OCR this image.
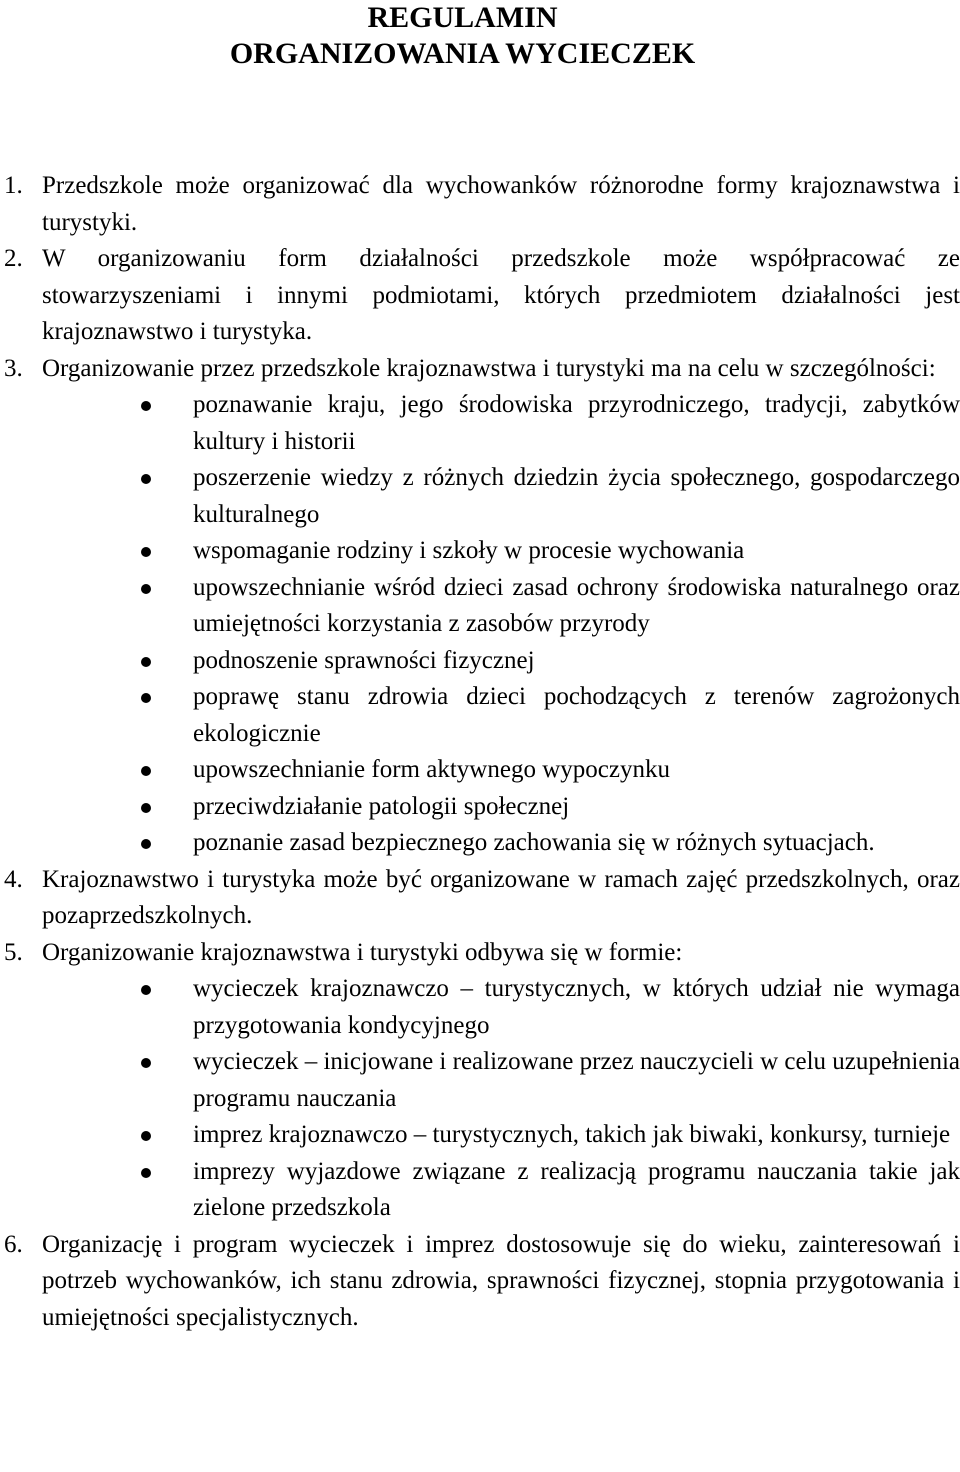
REGULAMIN
ORGANIZOWANIA WYCIECZEK
1. Przedszkole może organizować dla wychowanków różnorodne formy krajoznawstwa i turystyki.
2. W organizowaniu form działalności przedszkole może współpracować ze stowarzyszeniami i innymi podmiotami, których przedmiotem działalności jest krajoznawstwo i turystyka.
3. Organizowanie przez przedszkole krajoznawstwa i turystyki ma na celu w szczególności:
poznawanie kraju, jego środowiska przyrodniczego, tradycji, zabytków kultury i historii
poszerzenie wiedzy z różnych dziedzin życia społecznego, gospodarczego kulturalnego
wspomaganie rodziny i szkoły w procesie wychowania
upowszechnianie wśród dzieci zasad ochrony środowiska naturalnego oraz umiejętności korzystania z zasobów przyrody
podnoszenie sprawności fizycznej
poprawę stanu zdrowia dzieci pochodzących z terenów zagrożonych ekologicznie
upowszechnianie form aktywnego wypoczynku
przeciwdziałanie patologii społecznej
poznanie zasad bezpiecznego zachowania się w różnych sytuacjach.
4. Krajoznawstwo i turystyka może być organizowane w ramach zajęć przedszkolnych, oraz pozaprzedszkolnych.
5. Organizowanie krajoznawstwa i turystyki odbywa się w formie:
wycieczek krajoznawczo – turystycznych, w których udział nie wymaga przygotowania kondycyjnego
wycieczek – inicjowane i realizowane przez nauczycieli w celu uzupełnienia programu nauczania
imprez krajoznawczo – turystycznych, takich jak biwaki, konkursy, turnieje
imprezy wyjazdowe związane z realizacją programu nauczania takie jak zielone przedszkola
6. Organizację i program wycieczek i imprez dostosowuje się do wieku, zainteresowań i potrzeb wychowanków, ich stanu zdrowia, sprawności fizycznej, stopnia przygotowania i umiejętności specjalistycznych.
